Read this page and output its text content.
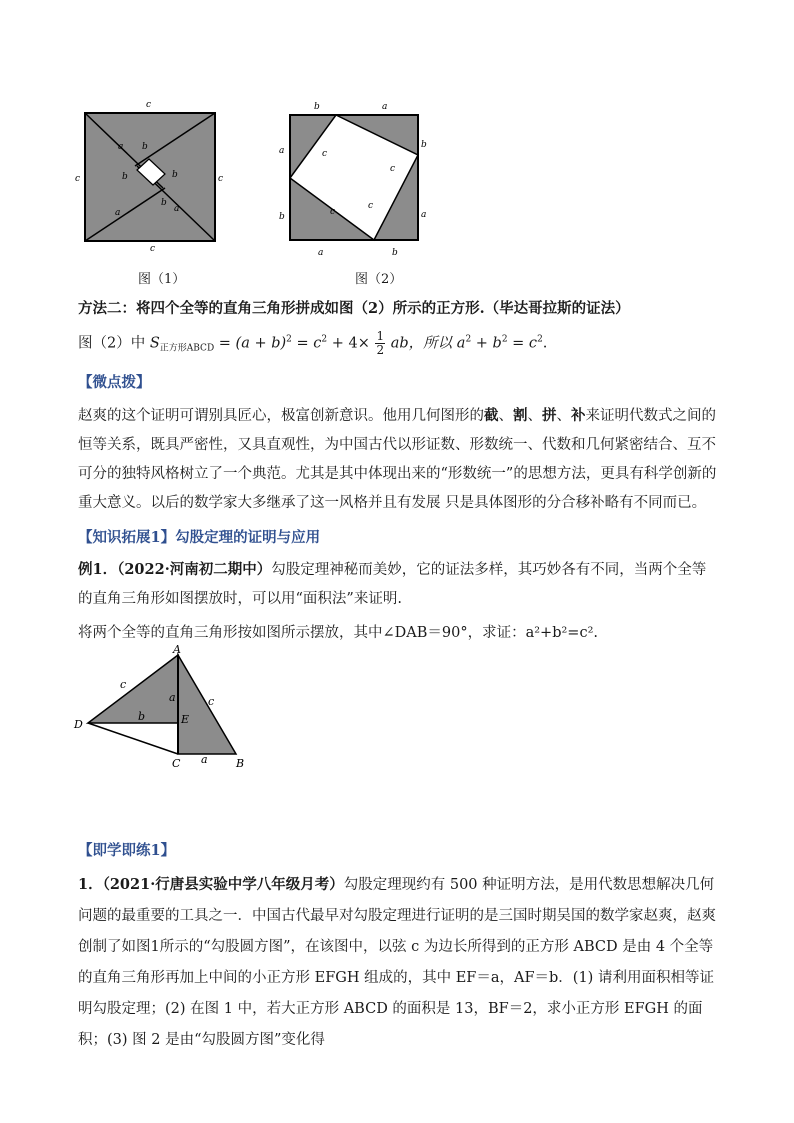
c
c	c
c
a b
b	b
a
b
a
图（1）
b	a
a
b
b
a
a	b
c
c
c
c
图（2）
方法二：将四个全等的直角三角形拼成如图（2）所示的正方形.（毕达哥拉斯的证法）
图（2）中 $S_{正方形ABCD} = (a + b)^2 = c^2 + 4\times \frac{1}{2}$ ab，所以 $a^2 + b^2 = c^2$.
【微点拨】
赵爽的这个证明可谓别具匠心，极富创新意识。他用几何图形的截、割、拼、补来证明代数式之间的恒等关系，既具严密性，又具直观性，为中国古代以形证数、形数统一、代数和几何紧密结合、互不可分的独特风格树立了一个典范。尤其是其中体现出来的“形数统一”的思想方法，更具有科学创新的重大意义。以后的数学家大多继承了这一风格并且有发展 只是具体图形的分合移补略有不同而已。
【知识拓展1】勾股定理的证明与应用
例1．（2022·河南初二期中）勾股定理神秘而美妙，它的证法多样，其巧妙各有不同，当两个全等的直角三角形如图摆放时，可以用“面积法”来证明.
将两个全等的直角三角形按如图所示摆放，其中∠DAB＝90°，求证：a²+b²=c².
A
B
C
D	E
c
c
a
b
a
【即学即练1】
1．（2021·行唐县实验中学八年级月考）勾股定理现约有 500 种证明方法，是用代数思想解决几何问题的最重要的工具之一．中国古代最早对勾股定理进行证明的是三国时期吴国的数学家赵爽，赵爽创制了如图1所示的“勾股圆方图”，在该图中，以弦 c 为边长所得到的正方形 ABCD 是由 4 个全等的直角三角形再加上中间的小正方形 EFGH 组成的，其中 EF＝a，AF＝b．(1) 请利用面积相等证明勾股定理；(2) 在图 1 中，若大正方形 ABCD 的面积是 13，BF＝2，求小正方形 EFGH 的面积；(3) 图 2 是由“勾股圆方图”变化得
